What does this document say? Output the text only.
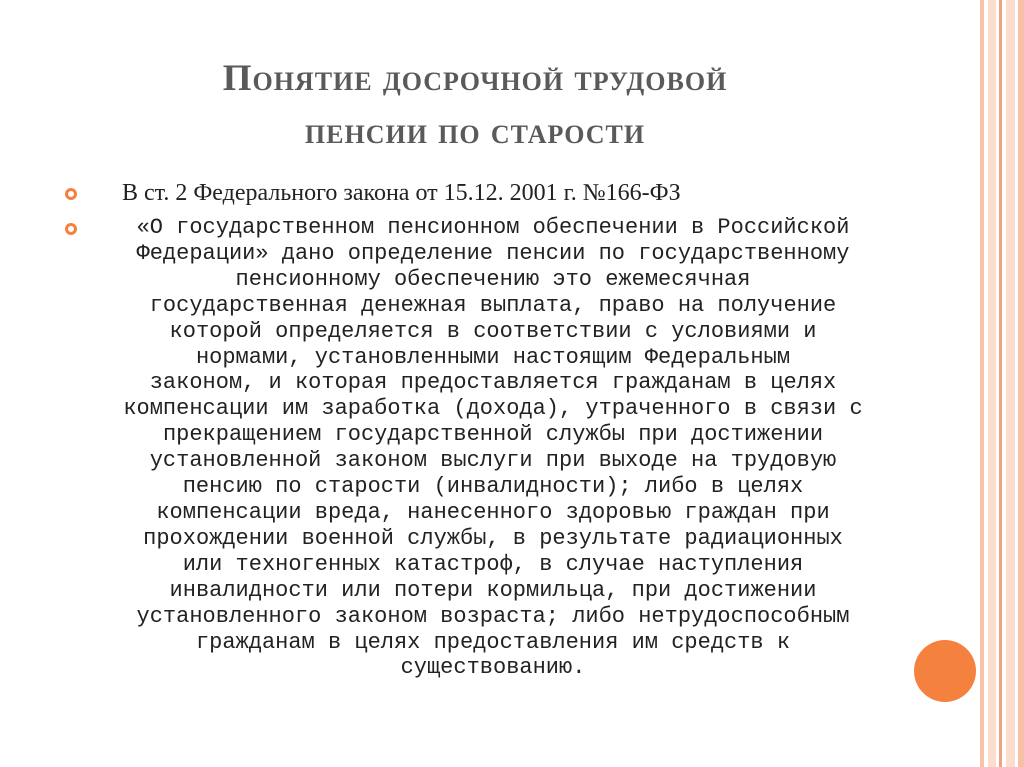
Понятие досрочной трудовой
пенсии по старости
В ст. 2 Федерального закона от 15.12. 2001 г. №166-ФЗ
«О государственном пенсионном обеспечении в Российской
Федерации» дано определение пенсии по государственному
пенсионному обеспечению это ежемесячная
государственная денежная выплата, право на получение
которой определяется в соответствии с условиями и
нормами, установленными настоящим Федеральным
законом, и которая предоставляется гражданам в целях
компенсации им заработка (дохода), утраченного в связи с
прекращением государственной службы при достижении
установленной законом выслуги при выходе на трудовую
пенсию по старости (инвалидности); либо в целях
компенсации вреда, нанесенного здоровью граждан при
прохождении военной службы, в результате радиационных
или техногенных катастроф, в случае наступления
инвалидности или потери кормильца, при достижении
установленного законом возраста; либо нетрудоспособным
гражданам в целях предоставления им средств к
существованию.
